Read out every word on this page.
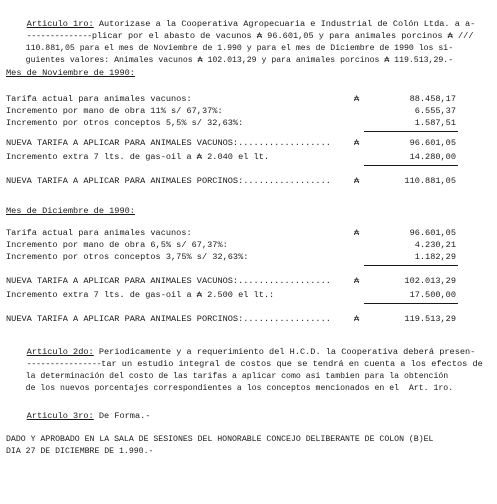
Articulo 1ro: Autorizase a la Cooperativa Agropecuaria e Industrial de Colón Ltda. a a-

--------------plicar por el abasto de vacunos ₳ 96.601,05 y para animales porcinos ₳ ///

110.881,05 para el mes de Noviembre de 1.990 y para el mes de Diciembre de 1990 los si-

guientes valores: Animales vacunos ₳ 102.013,29 y para animales porcinos ₳ 119.513,29.-

Mes de Noviembre de 1990:
Tarifa actual para animales vacunos:	₳	88.458,17
Incremento por mano de obra 11% s/ 67,37%:	6.555,37
Incremento por otros conceptos 5,5% s/ 32,63%:	1.587,51
NUEVA TARIFA A APLICAR PARA ANIMALES VACUNOS:..................	₳	96.601,05
Incremento extra 7 lts. de gas-oil a ₳ 2.040 el lt.	14.280,00
NUEVA TARIFA A APLICAR PARA ANIMALES PORCINOS:.................	₳	110.881,05
Mes de Diciembre de 1990:
Tarifa actual para animales vacunos:	₳	96.601,05
Incremento por mano de obra 6,5% s/ 67,37%:	4.230,21
Incremento por otros conceptos 3,75% s/ 32,63%:	1.182,29
NUEVA TARIFA A APLICAR PARA ANIMALES VACUNOS:..................	₳	102.013,29
Incremento extra 7 lts. de gas-oil a ₳ 2.500 el lt.:	17.500,00
NUEVA TARIFA A APLICAR PARA ANIMALES PORCINOS:.................	₳	119.513,29

Articulo 2do: Periodicamente y a requerimiento del H.C.D. la Cooperativa deberá presen-

----------------tar un estudio integral de costos que se tendrá en cuenta a los efectos de

la determinación del costo de las tarifas a aplicar como asi tambien para la obtención

de los nuevos porcentajes correspondientes a los conceptos mencionados en el  Art. 1ro.

Articulo 3ro: De Forma.-

DADO Y APROBADO EN LA SALA DE SESIONES DEL HONORABLE CONCEJO DELIBERANTE DE COLON (B)EL
DIA 27 DE DICIEMBRE DE 1.990.-
